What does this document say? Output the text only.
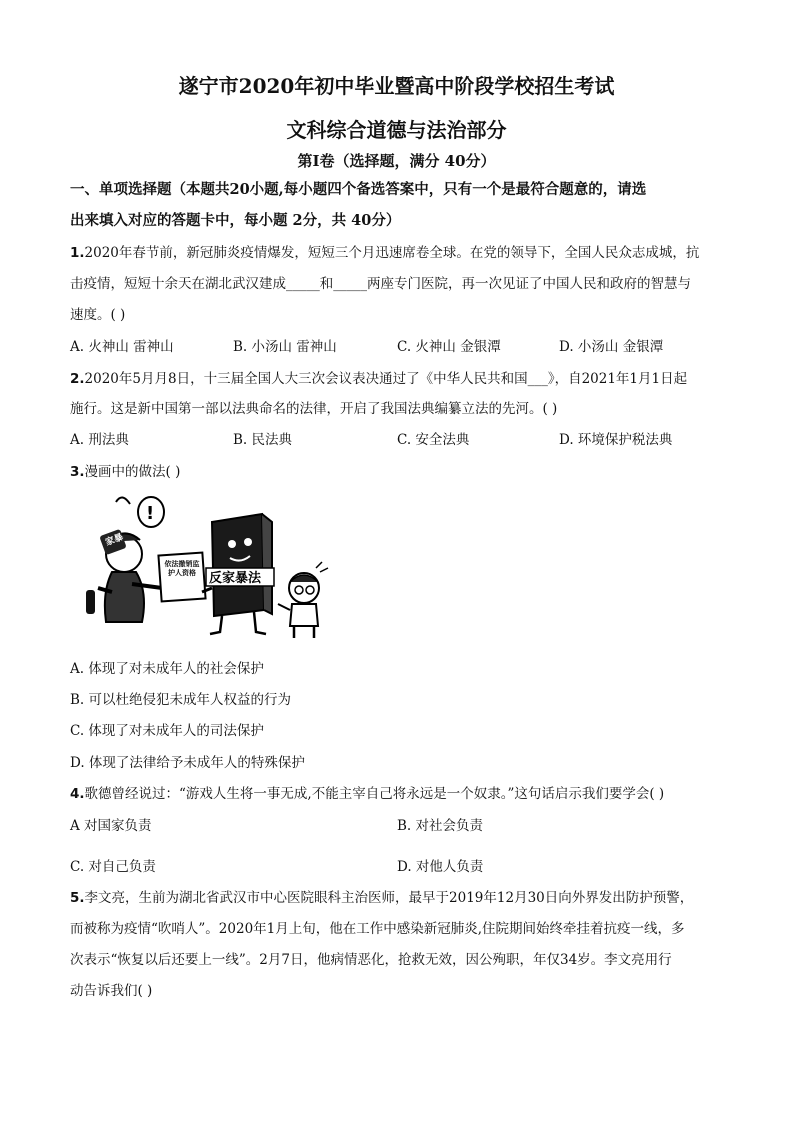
遂宁市2020年初中毕业暨高中阶段学校招生考试
文科综合道德与法治部分
第Ⅰ卷（选择题，满分 40分）
一、单项选择题（本题共20小题,每小题四个备选答案中，只有一个是最符合题意的，请选
出来填入对应的答题卡中，每小题 2分，共 40分）
1.2020年春节前，新冠肺炎疫情爆发，短短三个月迅速席卷全球。在党的领导下，全国人民众志成城，抗
击疫情，短短十余天在湖北武汉建成_____和_____两座专门医院，再一次见证了中国人民和政府的智慧与
速度。( )
A. 火神山 雷神山	B. 小汤山 雷神山	C. 火神山 金银潭	D. 小汤山 金银潭
2.2020年5月月8日，十三届全国人大三次会议表决通过了《中华人民共和国___》，自2021年1月1日起
施行。这是新中国第一部以法典命名的法律，开启了我国法典编纂立法的先河。( )
A. 刑法典	B. 民法典	C. 安全法典	D. 环境保护税法典
3.漫画中的做法( )
家暴
!
依法撤销监护人资格	反家暴法
A. 体现了对未成年人的社会保护
B. 可以杜绝侵犯未成年人权益的行为
C. 体现了对未成年人的司法保护
D. 体现了法律给予未成年人的特殊保护
4.歌德曾经说过：“游戏人生将一事无成,不能主宰自己将永远是一个奴隶。”这句话启示我们要学会( )
A 对国家负责	B. 对社会负责
C. 对自己负责	D. 对他人负责
5.李文亮，生前为湖北省武汉市中心医院眼科主治医师，最早于2019年12月30日向外界发出防护预警，
而被称为疫情“吹哨人”。2020年1月上旬，他在工作中感染新冠肺炎,住院期间始终牵挂着抗疫一线，多
次表示“恢复以后还要上一线”。2月7日，他病情恶化，抢救无效，因公殉职，年仅34岁。李文亮用行
动告诉我们( )
